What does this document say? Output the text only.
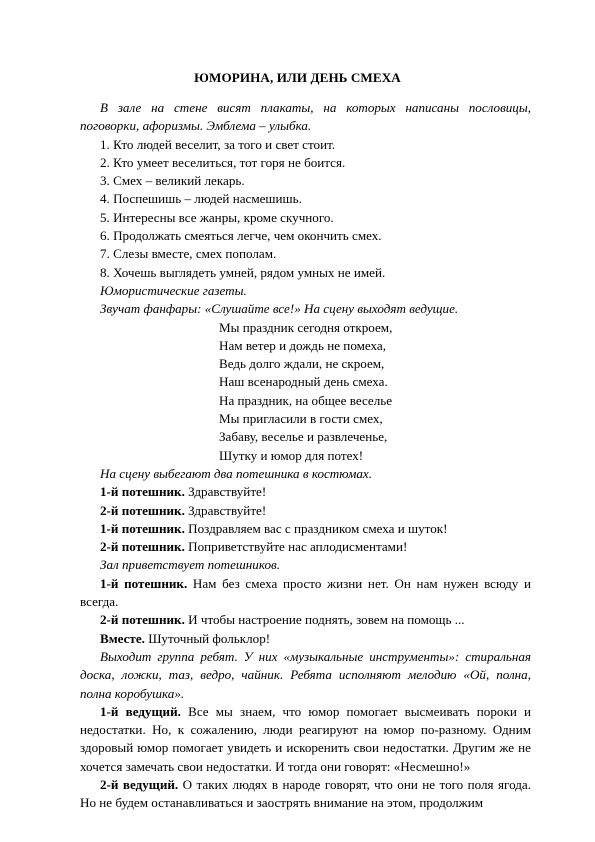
ЮМОРИНА, ИЛИ ДЕНЬ СМЕХА

В зале на стене висят плакаты, на которых написаны пословицы, поговорки, афоризмы. Эмблема – улыбка.

1. Кто людей веселит, за того и свет стоит.

2. Кто умеет веселиться, тот горя не боится.

3. Смех – великий лекарь.

4. Поспешишь – людей насмешишь.

5. Интересны все жанры, кроме скучного.

6. Продолжать смеяться легче, чем окончить смех.

7. Слезы вместе, смех пополам.

8. Хочешь выглядеть умней, рядом умных не имей.

Юмористические газеты.

Звучат фанфары: «Слушайте все!» На сцену выходят ведущие.

Мы праздник сегодня откроем,

Нам ветер и дождь не помеха,

Ведь долго ждали, не скроем,

Наш всенародный день смеха.

На праздник, на общее веселье

Мы пригласили в гости смех,

Забаву, веселье и развлеченье,

Шутку и юмор для потех!

На сцену выбегают два потешника в костюмах.

1-й потешник. Здравствуйте!

2-й потешник. Здравствуйте!

1-й потешник. Поздравляем вас с праздником смеха и шуток!

2-й потешник. Поприветствуйте нас аплодисментами!

Зал приветствует потешников.

1-й потешник. Нам без смеха просто жизни нет. Он нам нужен всюду и всегда.

2-й потешник. И чтобы настроение поднять, зовем на помощь ...

Вместе. Шуточный фольклор!

Выходит группа ребят. У них «музыкальные инструменты»: стиральная доска, ложки, таз, ведро, чайник. Ребята исполняют мелодию «Ой, полна, полна коробушка».

1-й ведущий. Все мы знаем, что юмор помогает высмеивать пороки и недостатки. Но, к сожалению, люди реагируют на юмор по-разному. Одним здоровый юмор помогает увидеть и искоренить свои недостатки. Другим же не хочется замечать свои недостатки. И тогда они говорят: «Несмешно!»

2-й ведущий. О таких людях в народе говорят, что они не того поля ягода. Но не будем останавливаться и заострять внимание на этом, продолжим
